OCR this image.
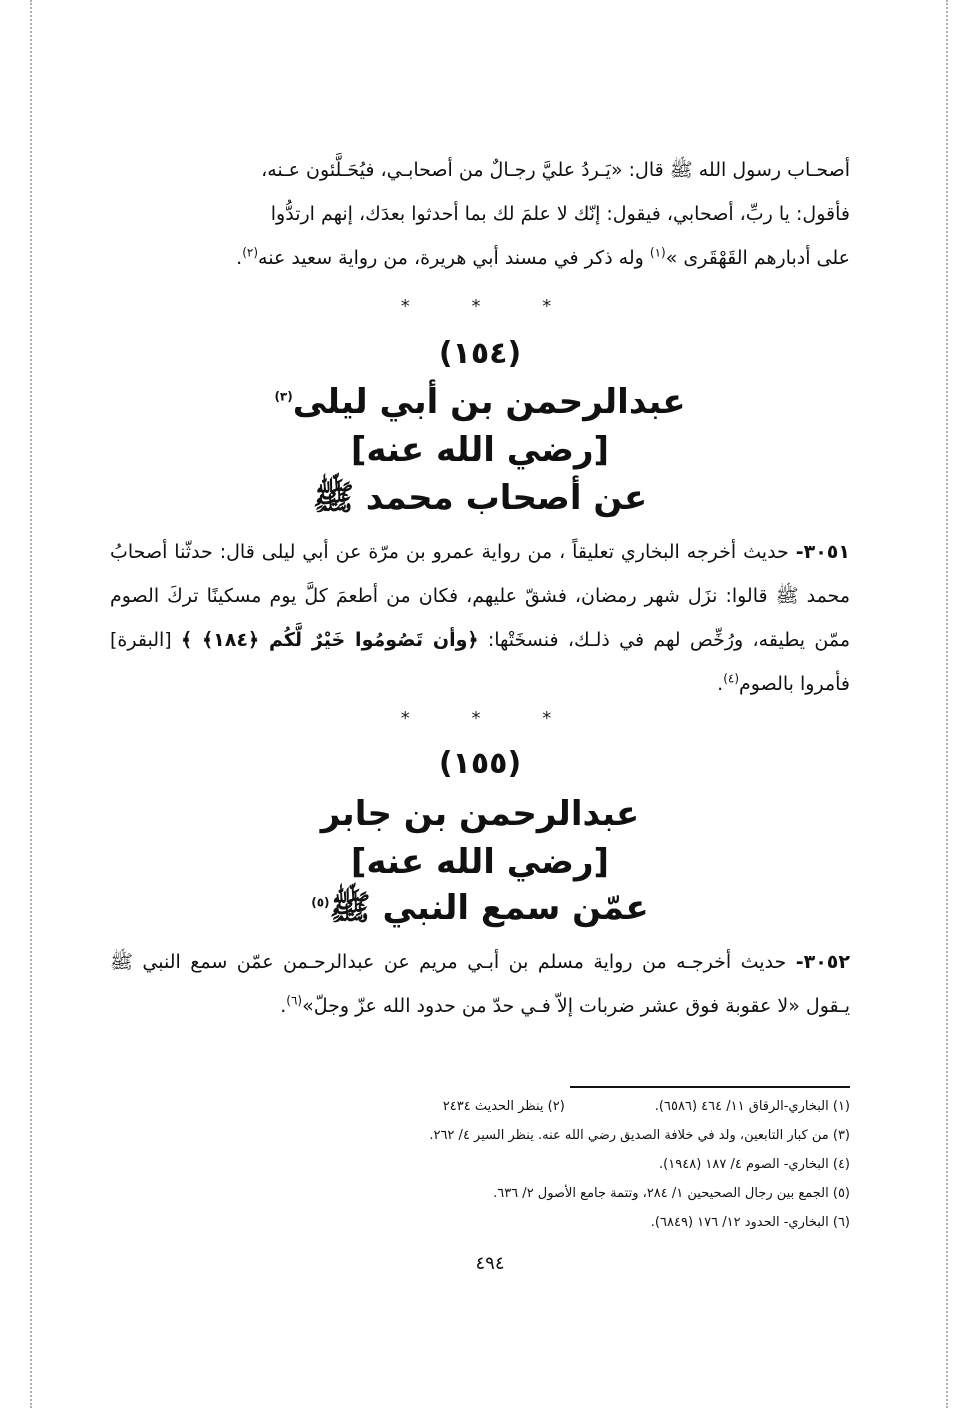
أصحـاب رسول الله ﷺ قال: «يَـردُ عليَّ رجـالٌ من أصحابـي، فيُحَـلَّئون عـنه،
فأقول: يا ربِّ، أصحابي، فيقول: إنّك لا علمَ لك بما أحدثوا بعدَك، إنهم ارتدُّوا
على أدبارهم القَهْقَرى »$^{(١)}$ وله ذكر في مسند أبي هريرة، من رواية سعيد عنه$^{(٢)}$.
* * *
(١٥٤)
عبدالرحمن بن أبي ليلى$^{(٣)}$
[رضي الله عنه]
عن أصحاب محمد ﷺ
٣٠٥١- حديث أخرجه البخاري تعليقاً ، من رواية عمرو بن مرّة عن أبي ليلى قال: حدثّنا أصحابُ محمد ﷺ قالوا: نزَل شهر رمضان، فشقّ عليهم، فكان من أطعمَ كلَّ يوم مسكينًا تركَ الصوم ممّن يطيقه، ورُخِّص لهم في ذلـك، فنسخَتْها: ﴿وأن تَصُومُوا خَيْرٌ لَّكُم ﴿١٨٤﴾ ﴾ [البقرة] فأمروا بالصوم$^{(٤)}$.
* * *
(١٥٥)
عبدالرحمن بن جابر
[رضي الله عنه]
عمّن سمع النبي ﷺ$^{(٥)}$
٣٠٥٢- حديث أخرجـه من رواية مسلم بن أبـي مريم عن عبدالرحـمن عمّن سمع النبي ﷺ يـقول «لا عقوبة فوق عشر ضربات إلاّ فـي حدّ من حدود الله عزّ وجلّ»$^{(٦)}$.
(١) البخاري-الرقاق ١١/ ٤٦٤ (٦٥٨٦).(٢) ينظر الحديث ٢٤٣٤
(٣) من كبار التابعين، ولد في خلافة الصديق رضي الله عنه. ينظر السير ٤/ ٢٦٢.
(٤) البخاري- الصوم ٤/ ١٨٧ (١٩٤٨).
(٥) الجمع بين رجال الصحيحين ١/ ٢٨٤، وتتمة جامع الأصول ٢/ ٦٣٦.
(٦) البخاري- الحدود ١٢/ ١٧٦ (٦٨٤٩).
٤٩٤
